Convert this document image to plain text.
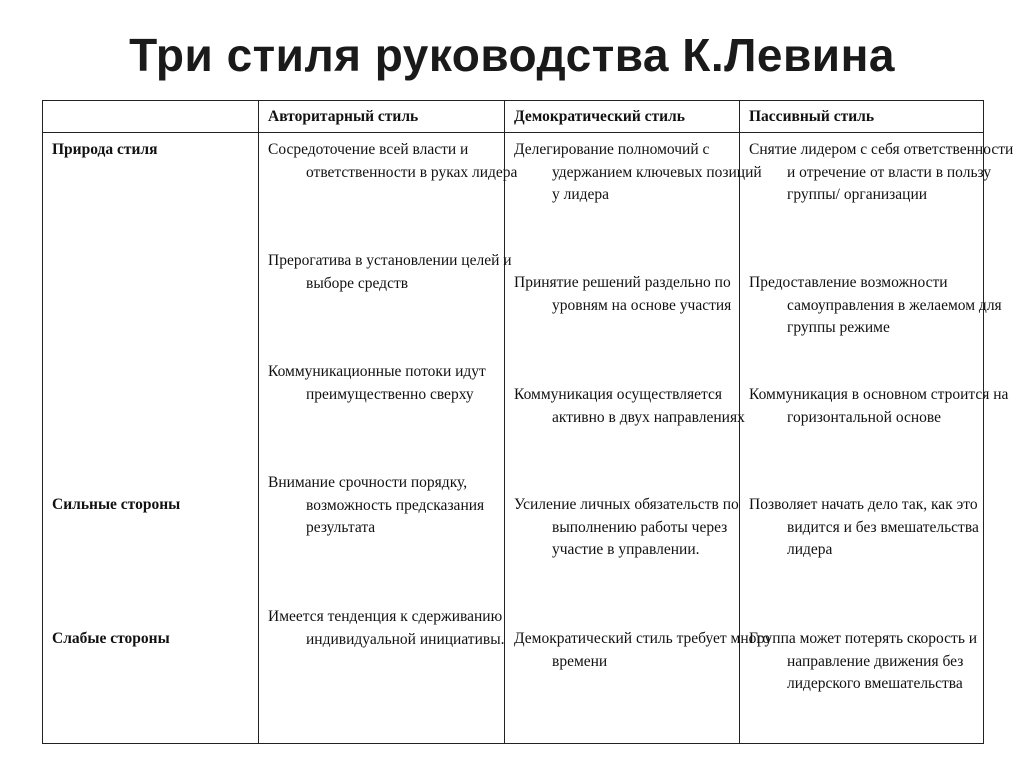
Три стиля руководства К.Левина
Авторитарный стиль	Демократический стиль	Пассивный стиль
Природа стиля
Сильные стороны
Слабые стороны
Сосредоточение всей власти и ответственности в руках лидера
Прерогатива в установлении целей и выборе средств
Коммуникационные потоки идут преимущественно сверху
Внимание срочности порядку, возможность предсказания результата
Имеется тенденция к сдерживанию индивидуальной инициативы.
Делегирование полномочий с удержанием ключевых позиций у лидера
Принятие решений раздельно по уровням на основе участия
Коммуникация осуществляется активно в двух направлениях
Усиление личных обязательств по выполнению работы через участие в управлении.
Демократический стиль требует много времени
Снятие лидером с себя ответственности и отречение от власти в пользу группы/ организации
Предоставление возможности самоуправления в желаемом для группы режиме
Коммуникация в основном строится на горизонтальной основе
Позволяет начать дело так, как это видится и без вмешательства лидера
Группа может потерять скорость и направление движения без лидерского вмешательства
